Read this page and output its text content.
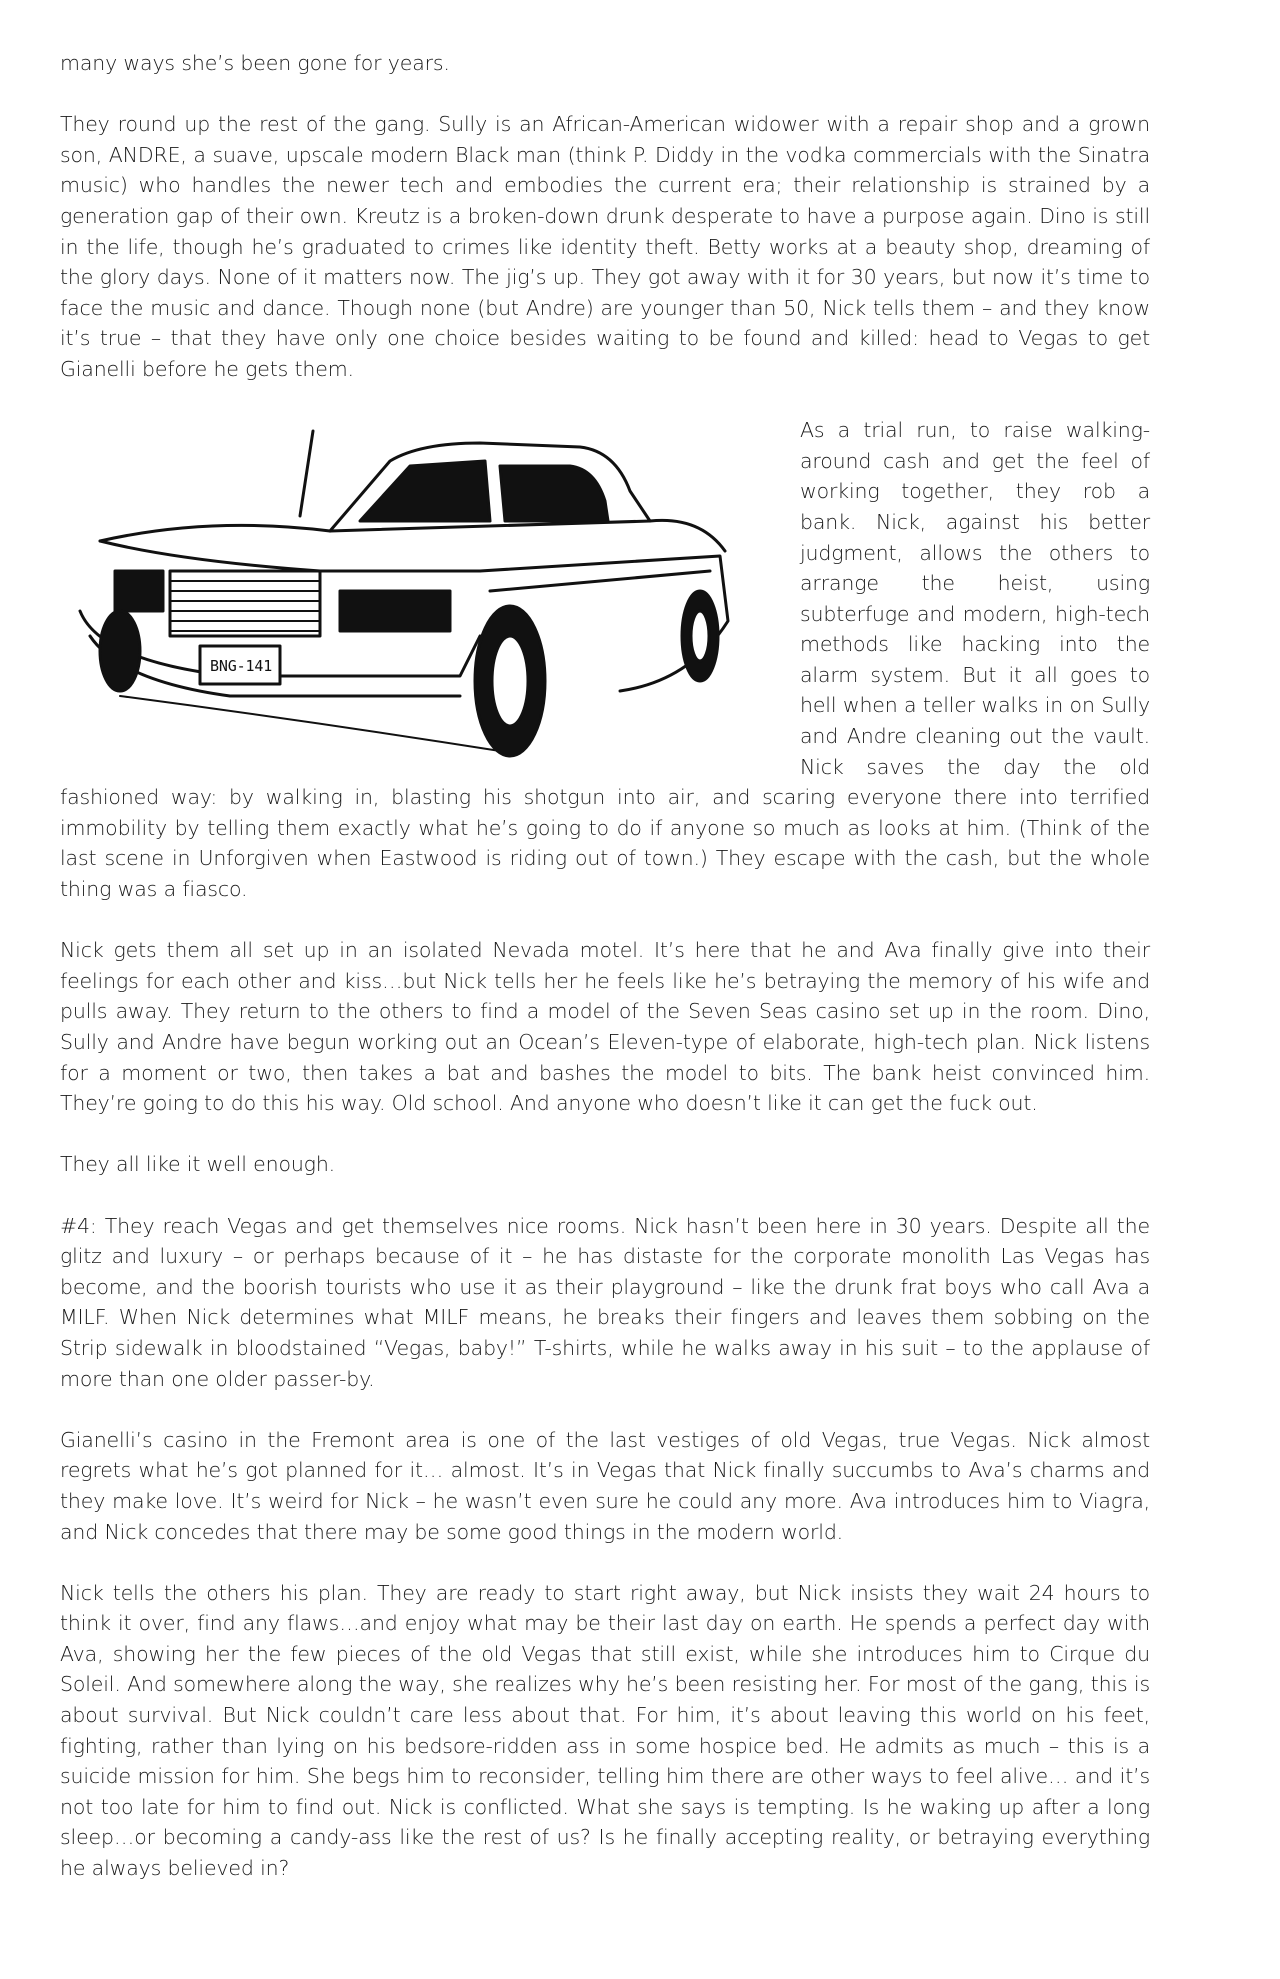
many ways she’s been gone for years.

They round up the rest of the gang. Sully is an African-American widower with a repair shop and a grown son, ANDRE, a suave, upscale modern Black man (think P. Diddy in the vodka commercials with the Sinatra music) who handles the newer tech and embodies the current era; their relationship is strained by a generation gap of their own. Kreutz is a broken-down drunk desperate to have a purpose again. Dino is still in the life, though he’s graduated to crimes like identity theft. Betty works at a beauty shop, dreaming of the glory days. None of it matters now. The jig’s up. They got away with it for 30 years, but now it’s time to face the music and dance. Though none (but Andre) are younger than 50, Nick tells them – and they know it’s true – that they have only one choice besides waiting to be found and killed: head to Vegas to get Gianelli before he gets them.

BNG-141

As a trial run, to raise walking-around cash and get the feel of working together, they rob a bank. Nick, against his better judgment, allows the others to arrange the heist, using subterfuge and modern, high-tech methods like hacking into the alarm system. But it all goes to hell when a teller walks in on Sully and Andre cleaning out the vault. Nick saves the day the old fashioned way: by walking in, blasting his shotgun into air, and scaring everyone there into terrified immobility by telling them exactly what he’s going to do if anyone so much as looks at him. (Think of the last scene in Unforgiven when Eastwood is riding out of town.) They escape with the cash, but the whole thing was a fiasco.

Nick gets them all set up in an isolated Nevada motel. It’s here that he and Ava finally give into their feelings for each other and kiss…but Nick tells her he feels like he’s betraying the memory of his wife and pulls away. They return to the others to find a model of the Seven Seas casino set up in the room. Dino, Sully and Andre have begun working out an Ocean’s Eleven-type of elaborate, high-tech plan. Nick listens for a moment or two, then takes a bat and bashes the model to bits. The bank heist convinced him. They’re going to do this his way. Old school. And anyone who doesn’t like it can get the fuck out.

They all like it well enough.

#4: They reach Vegas and get themselves nice rooms. Nick hasn’t been here in 30 years. Despite all the glitz and luxury – or perhaps because of it – he has distaste for the corporate monolith Las Vegas has become, and the boorish tourists who use it as their playground – like the drunk frat boys who call Ava a MILF. When Nick determines what MILF means, he breaks their fingers and leaves them sobbing on the Strip sidewalk in bloodstained “Vegas, baby!” T-shirts, while he walks away in his suit – to the applause of more than one older passer-by.

Gianelli’s casino in the Fremont area is one of the last vestiges of old Vegas, true Vegas. Nick almost regrets what he’s got planned for it… almost. It’s in Vegas that Nick finally succumbs to Ava’s charms and they make love. It’s weird for Nick – he wasn’t even sure he could any more. Ava introduces him to Viagra, and Nick concedes that there may be some good things in the modern world.

Nick tells the others his plan. They are ready to start right away, but Nick insists they wait 24 hours to think it over, find any flaws…and enjoy what may be their last day on earth. He spends a perfect day with Ava, showing her the few pieces of the old Vegas that still exist, while she introduces him to Cirque du Soleil. And somewhere along the way, she realizes why he’s been resisting her. For most of the gang, this is about survival. But Nick couldn’t care less about that. For him, it’s about leaving this world on his feet, fighting, rather than lying on his bedsore-ridden ass in some hospice bed. He admits as much – this is a suicide mission for him. She begs him to reconsider, telling him there are other ways to feel alive… and it’s not too late for him to find out. Nick is conflicted. What she says is tempting. Is he waking up after a long sleep…or becoming a candy-ass like the rest of us? Is he finally accepting reality, or betraying everything he always believed in?
